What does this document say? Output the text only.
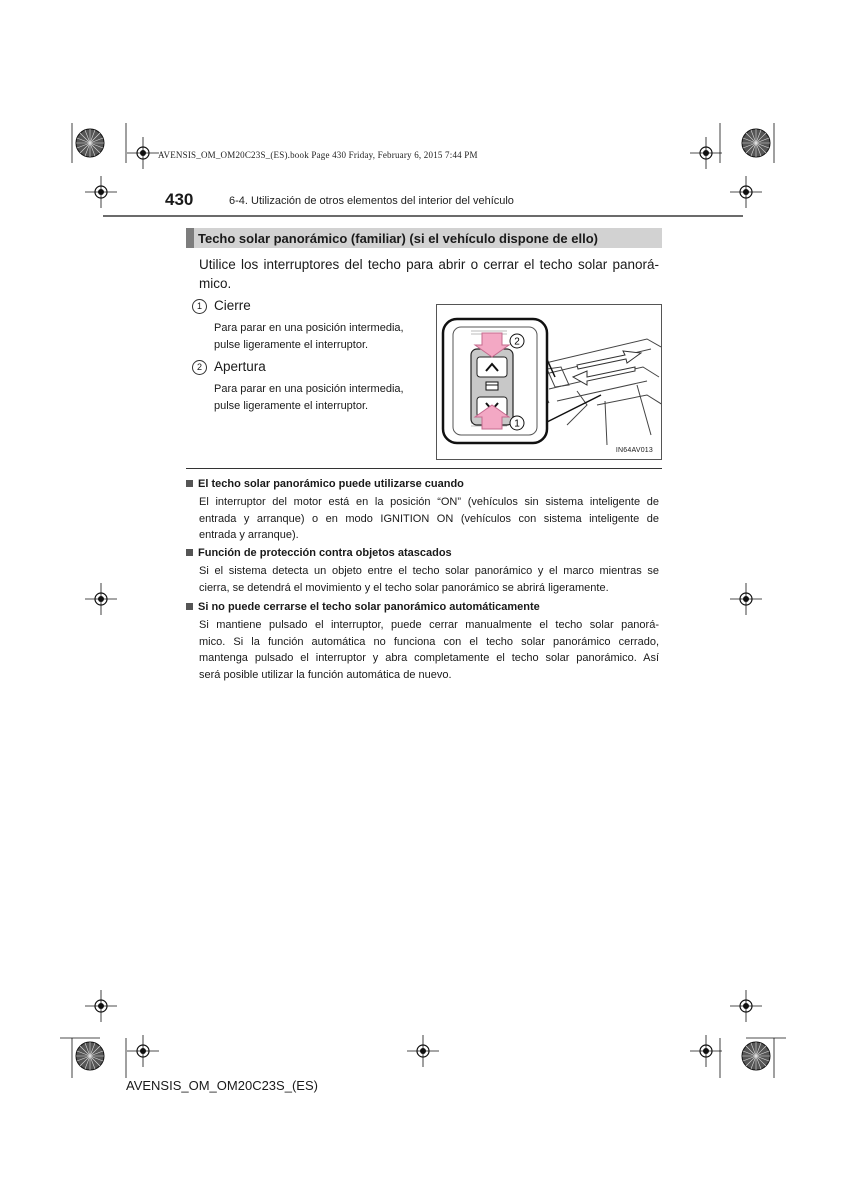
AVENSIS_OM_OM20C23S_(ES).book Page 430 Friday, February 6, 2015 7:44 PM
430	6-4. Utilización de otros elementos del interior del vehículo
Techo solar panorámico (familiar) (si el vehículo dispone de ello)
Utilice los interruptores del techo para abrir o cerrar el techo solar panorá-
mico.
1 Cierre
Para parar en una posición intermedia,
pulse ligeramente el interruptor.
2 Apertura
Para parar en una posición intermedia,
pulse ligeramente el interruptor.
2
1
IN64AV013
El techo solar panorámico puede utilizarse cuando
El interruptor del motor está en la posición “ON” (vehículos sin sistema inteligente de
entrada y arranque) o en modo IGNITION ON (vehículos con sistema inteligente de
entrada y arranque).
Función de protección contra objetos atascados
Si el sistema detecta un objeto entre el techo solar panorámico y el marco mientras se
cierra, se detendrá el movimiento y el techo solar panorámico se abrirá ligeramente.
Si no puede cerrarse el techo solar panorámico automáticamente
Si mantiene pulsado el interruptor, puede cerrar manualmente el techo solar panorá-
mico. Si la función automática no funciona con el techo solar panorámico cerrado,
mantenga pulsado el interruptor y abra completamente el techo solar panorámico. Así
será posible utilizar la función automática de nuevo.
AVENSIS_OM_OM20C23S_(ES)
